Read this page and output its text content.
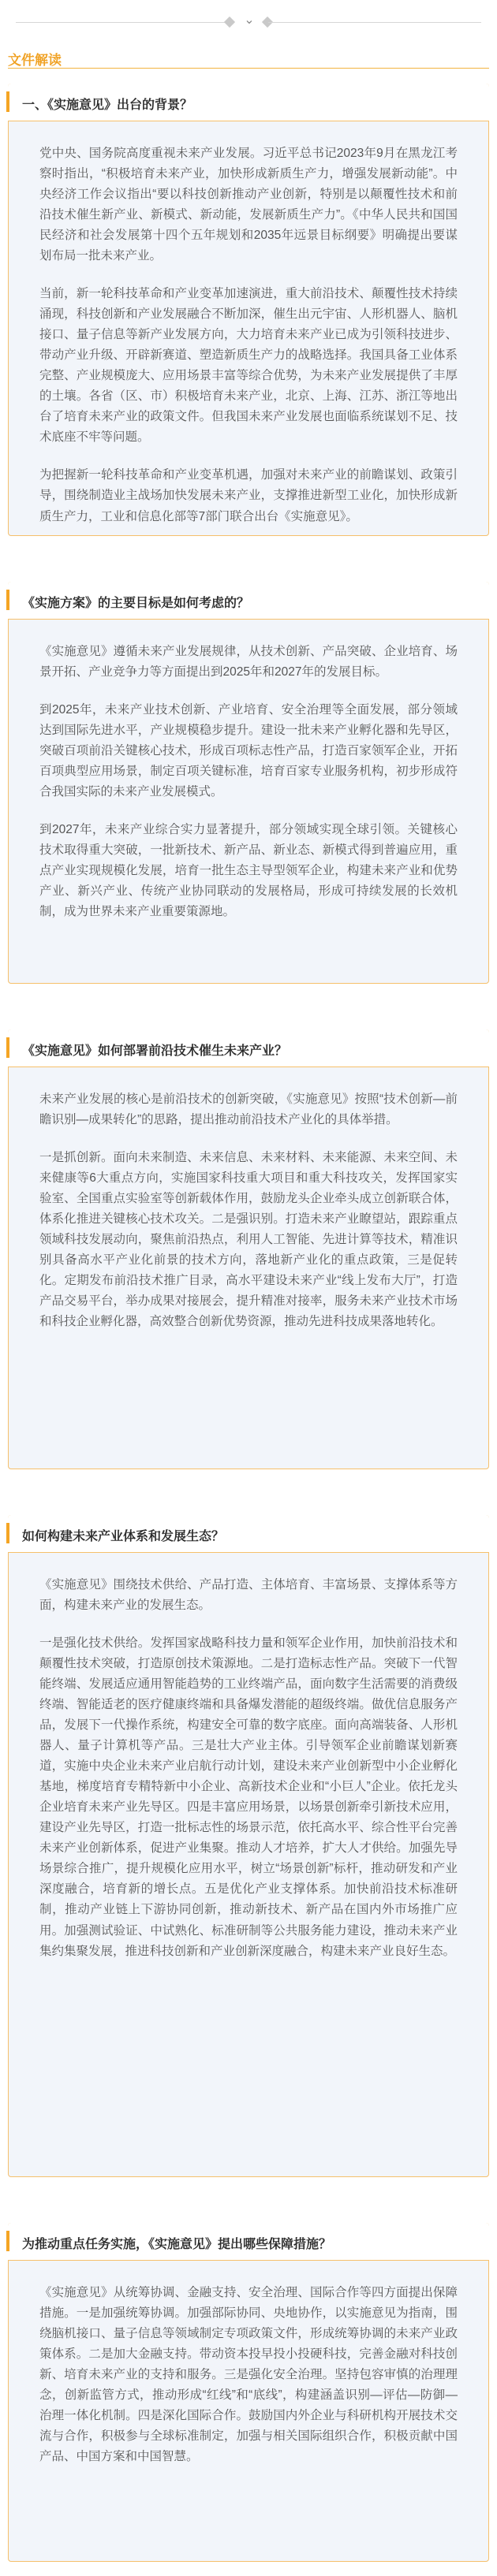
⌄
文件解读
一、《实施意见》出台的背景？

党中央、国务院高度重视未来产业发展。习近平总书记2023年9月在黑龙江考察时指出，“积极培育未来产业，加快形成新质生产力，增强发展新动能”。中央经济工作会议指出“要以科技创新推动产业创新，特别是以颠覆性技术和前沿技术催生新产业、新模式、新动能，发展新质生产力”。《中华人民共和国国民经济和社会发展第十四个五年规划和2035年远景目标纲要》明确提出要谋划布局一批未来产业。

当前，新一轮科技革命和产业变革加速演进，重大前沿技术、颠覆性技术持续涌现，科技创新和产业发展融合不断加深，催生出元宇宙、人形机器人、脑机接口、量子信息等新产业发展方向，大力培育未来产业已成为引领科技进步、带动产业升级、开辟新赛道、塑造新质生产力的战略选择。我国具备工业体系完整、产业规模庞大、应用场景丰富等综合优势，为未来产业发展提供了丰厚的土壤。各省（区、市）积极培育未来产业，北京、上海、江苏、浙江等地出台了培育未来产业的政策文件。但我国未来产业发展也面临系统谋划不足、技术底座不牢等问题。

为把握新一轮科技革命和产业变革机遇，加强对未来产业的前瞻谋划、政策引导，围绕制造业主战场加快发展未来产业，支撑推进新型工业化，加快形成新质生产力，工业和信息化部等7部门联合出台《实施意见》。

《实施方案》的主要目标是如何考虑的？

《实施意见》遵循未来产业发展规律，从技术创新、产品突破、企业培育、场景开拓、产业竞争力等方面提出到2025年和2027年的发展目标。

到2025年，未来产业技术创新、产业培育、安全治理等全面发展，部分领域达到国际先进水平，产业规模稳步提升。建设一批未来产业孵化器和先导区，突破百项前沿关键核心技术，形成百项标志性产品，打造百家领军企业，开拓百项典型应用场景，制定百项关键标准，培育百家专业服务机构，初步形成符合我国实际的未来产业发展模式。

到2027年，未来产业综合实力显著提升，部分领域实现全球引领。关键核心技术取得重大突破，一批新技术、新产品、新业态、新模式得到普遍应用，重点产业实现规模化发展，培育一批生态主导型领军企业，构建未来产业和优势产业、新兴产业、传统产业协同联动的发展格局，形成可持续发展的长效机制，成为世界未来产业重要策源地。

《实施意见》如何部署前沿技术催生未来产业？

未来产业发展的核心是前沿技术的创新突破，《实施意见》按照“技术创新—前瞻识别—成果转化”的思路，提出推动前沿技术产业化的具体举措。

一是抓创新。面向未来制造、未来信息、未来材料、未来能源、未来空间、未来健康等6大重点方向，实施国家科技重大项目和重大科技攻关，发挥国家实验室、全国重点实验室等创新载体作用，鼓励龙头企业牵头成立创新联合体，体系化推进关键核心技术攻关。二是强识别。打造未来产业瞭望站，跟踪重点领域科技发展动向，聚焦前沿热点，利用人工智能、先进计算等技术，精准识别具备高水平产业化前景的技术方向，落地新产业化的重点政策，三是促转化。定期发布前沿技术推广目录，高水平建设未来产业“线上发布大厅”，打造产品交易平台，举办成果对接展会，提升精准对接率，服务未来产业技术市场和科技企业孵化器，高效整合创新优势资源，推动先进科技成果落地转化。

如何构建未来产业体系和发展生态？

《实施意见》围绕技术供给、产品打造、主体培育、丰富场景、支撑体系等方面，构建未来产业的发展生态。

一是强化技术供给。发挥国家战略科技力量和领军企业作用，加快前沿技术和颠覆性技术突破，打造原创技术策源地。二是打造标志性产品。突破下一代智能终端、发展适应通用智能趋势的工业终端产品，面向数字生活需要的消费级终端、智能适老的医疗健康终端和具备爆发潜能的超级终端。做优信息服务产品，发展下一代操作系统，构建安全可靠的数字底座。面向高端装备、人形机器人、量子计算机等产品。三是壮大产业主体。引导领军企业前瞻谋划新赛道，实施中央企业未来产业启航行动计划，建设未来产业创新型中小企业孵化基地，梯度培育专精特新中小企业、高新技术企业和“小巨人”企业。依托龙头企业培育未来产业先导区。四是丰富应用场景，以场景创新牵引新技术应用，建设产业先导区，打造一批标志性的场景示范，依托高水平、综合性平台完善未来产业创新体系，促进产业集聚。推动人才培养，扩大人才供给。加强先导场景综合推广，提升规模化应用水平，树立“场景创新”标杆，推动研发和产业深度融合，培育新的增长点。五是优化产业支撑体系。加快前沿技术标准研制，推动产业链上下游协同创新，推动新技术、新产品在国内外市场推广应用。加强测试验证、中试熟化、标准研制等公共服务能力建设，推动未来产业集约集聚发展，推进科技创新和产业创新深度融合，构建未来产业良好生态。

为推动重点任务实施，《实施意见》提出哪些保障措施？

《实施意见》从统筹协调、金融支持、安全治理、国际合作等四方面提出保障措施。一是加强统筹协调。加强部际协同、央地协作，以实施意见为指南，围绕脑机接口、量子信息等领域制定专项政策文件，形成统筹协调的未来产业政策体系。二是加大金融支持。带动资本投早投小投硬科技，完善金融对科技创新、培育未来产业的支持和服务。三是强化安全治理。坚持包容审慎的治理理念，创新监管方式，推动形成“红线”和“底线”，构建涵盖识别—评估—防御—治理一体化机制。四是深化国际合作。鼓励国内外企业与科研机构开展技术交流与合作，积极参与全球标准制定，加强与相关国际组织合作，积极贡献中国产品、中国方案和中国智慧。
